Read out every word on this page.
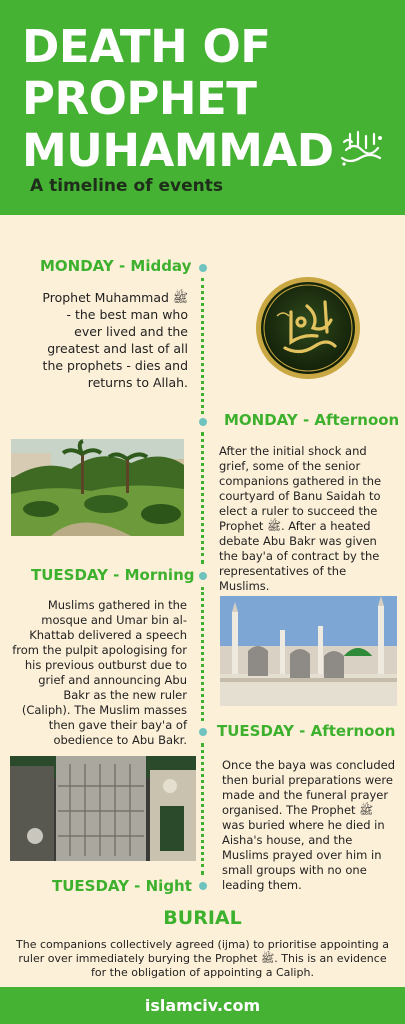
DEATH OF
PROPHET
MUHAMMAD
A timeline of events
MONDAY - Midday
Prophet Muhammad ﷺ - the best man who ever lived and the greatest and last of all the prophets - dies and returns to Allah.
MONDAY - Afternoon
After the initial shock and grief, some of the senior companions gathered in the courtyard of Banu Saidah to elect a ruler to succeed the Prophet ﷺ. After a heated debate Abu Bakr was given the bay'a of contract by the representatives of the Muslims.
TUESDAY - Morning
Muslims gathered in the mosque and Umar bin al-Khattab delivered a speech from the pulpit apologising for his previous outburst due to grief and announcing Abu Bakr as the new ruler (Caliph). The Muslim masses then gave their bay'a of obedience to Abu Bakr. TUESDAY - Afternoon
Once the baya was concluded then burial preparations were made and the funeral prayer organised. The Prophet ﷺ was buried where he died in Aisha's house, and the Muslims prayed over him in small groups with no one leading them.
TUESDAY - Night
BURIAL
The companions collectively agreed (ijma) to prioritise appointing a ruler over immediately burying the Prophet ﷺ. This is an evidence for the obligation of appointing a Caliph.
islamciv.com
